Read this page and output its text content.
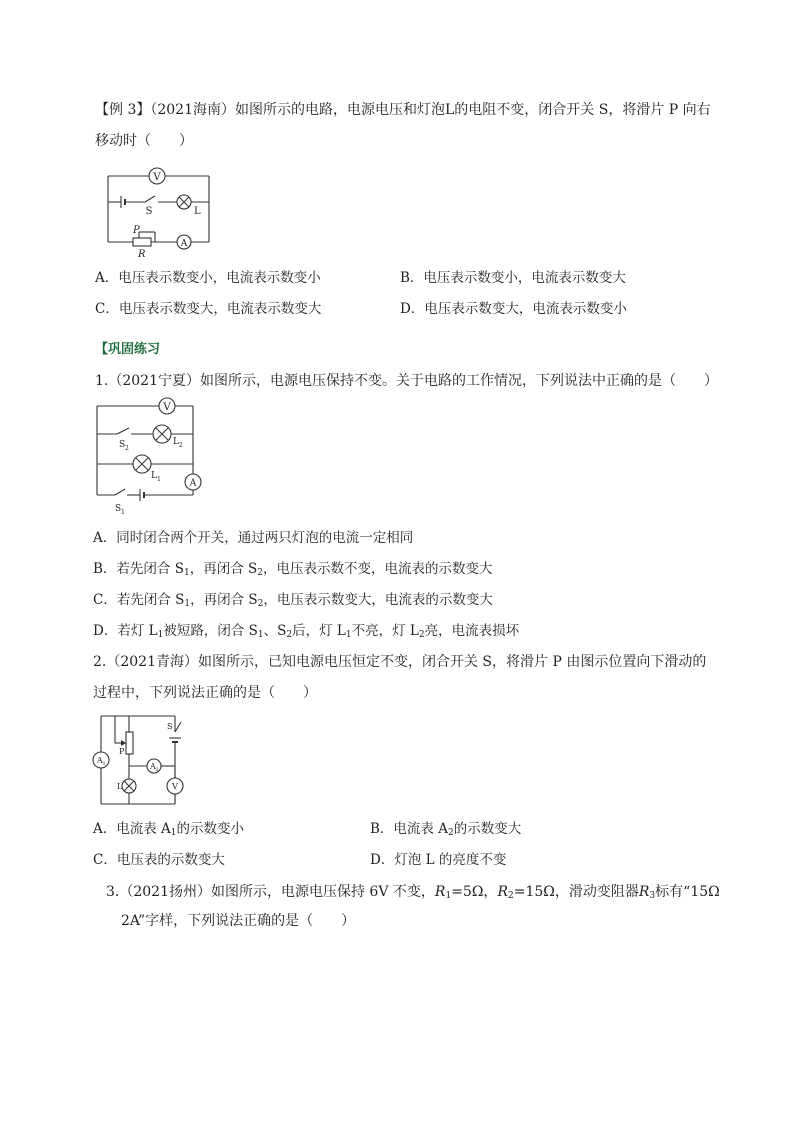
【例 3】（2021海南）如图所示的电路，电源电压和灯泡L的电阻不变，闭合开关 S，将滑片 P 向右
移动时（　　）
V
A
S	L
P
R
A．电压表示数变小，电流表示数变小	B．电压表示数变小，电流表示数变大
C．电压表示数变大，电流表示数变大	D．电压表示数变大，电流表示数变小
【巩固练习
1.（2021宁夏）如图所示，电源电压保持不变。关于电路的工作情况，下列说法中正确的是（　　）
V
A
S 2
L 2
L 1
S 1
A．同时闭合两个开关，通过两只灯泡的电流一定相同
B．若先闭合 $S_1$，再闭合 $S_2$，电压表示数不变，电流表的示数变大
C．若先闭合 $S_1$，再闭合 $S_2$，电压表示数变大，电流表的示数变大
D．若灯 $L_1$被短路，闭合 $S_1$、$S_2$后，灯 $L_1$不亮，灯 $L_2$亮，电流表损坏
2.（2021青海）如图所示，已知电源电压恒定不变，闭合开关 S，将滑片 P 由图示位置向下滑动的
过程中，下列说法正确的是（　　）
A 1	A 2
V
P
S
L
A．电流表 $A_1$的示数变小	B．电流表 $A_2$的示数变大
C．电压表的示数变大	D．灯泡 L 的亮度不变
3.（2021扬州）如图所示，电源电压保持 6V 不变，$R_1=5\Omega$，$R_2=15\Omega$，滑动变阻器$R_3$标有“15Ω
2A”字样，下列说法正确的是（　　）
